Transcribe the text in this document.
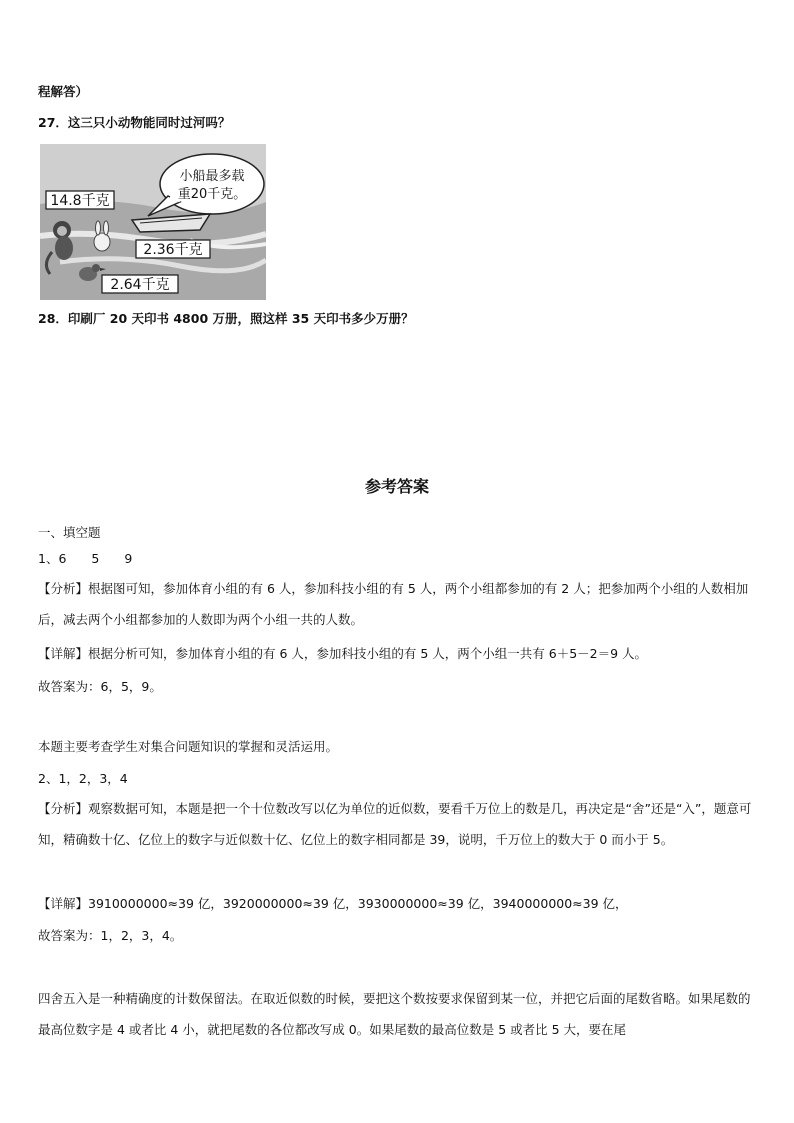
程解答）
27．这三只小动物能同时过河吗？
小船最多载
重20千克。
14.8千克
2.36千克
2.64千克
28．印刷厂 20 天印书 4800 万册，照这样 35 天印书多少万册？
参考答案
一、填空题
1、6　　5　　9
【分析】根据图可知，参加体育小组的有 6 人，参加科技小组的有 5 人，两个小组都参加的有 2 人；把参加两个小组的人数相加后，减去两个小组都参加的人数即为两个小组一共的人数。
【详解】根据分析可知，参加体育小组的有 6 人，参加科技小组的有 5 人，两个小组一共有 6＋5－2＝9 人。
故答案为：6，5，9。
本题主要考查学生对集合问题知识的掌握和灵活运用。
2、1，2，3，4
【分析】观察数据可知，本题是把一个十位数改写以亿为单位的近似数，要看千万位上的数是几，再决定是“舍”还是“入”，题意可知，精确数十亿、亿位上的数字与近似数十亿、亿位上的数字相同都是 39，说明，千万位上的数大于 0 而小于 5。
【详解】3910000000≈39 亿，3920000000≈39 亿，3930000000≈39 亿，3940000000≈39 亿，
故答案为：1，2，3，4。
四舍五入是一种精确度的计数保留法。在取近似数的时候，要把这个数按要求保留到某一位，并把它后面的尾数省略。如果尾数的最高位数字是 4 或者比 4 小，就把尾数的各位都改写成 0。如果尾数的最高位数是 5 或者比 5 大，要在尾
